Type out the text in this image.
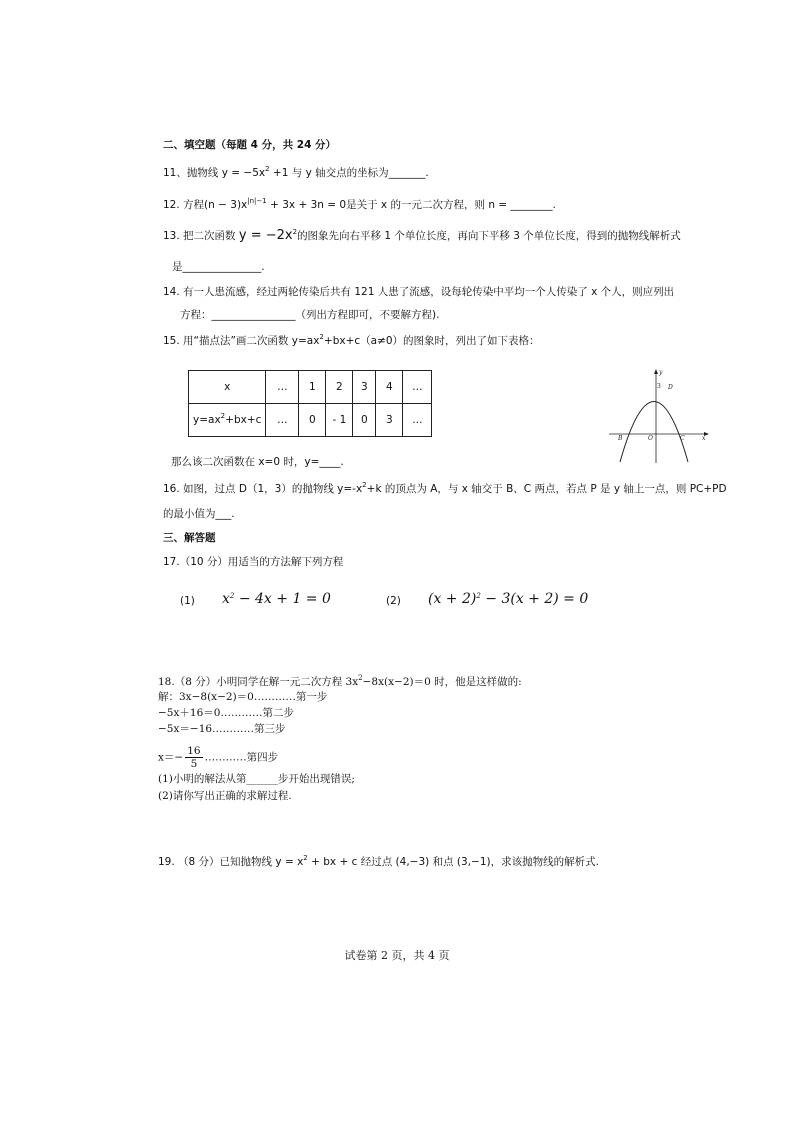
二、填空题（每题 4 分，共 24 分）
11、抛物线 $y = -5x^2 +1$ 与 y 轴交点的坐标为_______.
12. 方程$(n - 3)x^{|n|-1} + 3x + 3n = 0$是关于 x 的一元二次方程，则 n = ________.
13. 把二次函数 $y = -2x^2$的图象先向右平移 1 个单位长度，再向下平移 3 个单位长度，得到的抛物线解析式
是_______________.
14. 有一人患流感，经过两轮传染后共有 121 人患了流感，设每轮传染中平均一个人传染了 x 个人，则应列出
方程：________________（列出方程即可，不要解方程).
15. 用“描点法”画二次函数 $y=ax^2+bx+c(a\ne 0)$的图象时，列出了如下表格：
x	…	1	2	3	4	…
$y=ax^2+bx+c$	…	0	- 1	0	3	…
y
3 D
B	O	C	x
那么该二次函数在 x=0 时，y=____.
16. 如图，过点 D（1，3）的抛物线 $y=-x^2+k$ 的顶点为 A，与 x 轴交于 B、C 两点，若点 P 是 y 轴上一点，则 PC+PD
的最小值为___.
三、解答题
17.（10 分）用适当的方法解下列方程
(1) $x^2 - 4x + 1 = 0$	(2) $(x + 2)^2 - 3(x + 2) = 0$
18.（8 分）小明同学在解一元二次方程 $3x^2-8x(x-2)=0$ 时，他是这样做的:
解：3x−8(x−2)＝0…………第一步
−5x＋16＝0…………第二步
−5x＝−16…………第三步
$x=- \frac{16}{5}$ …………第四步
(1)小明的解法从第______步开始出现错误;
(2)请你写出正确的求解过程.
19. （8 分）已知抛物线 $y = x^2$ + bx + c 经过点 (4,−3) 和点 (3,−1)，求该抛物线的解析式.
试卷第 2 页，共 4 页
